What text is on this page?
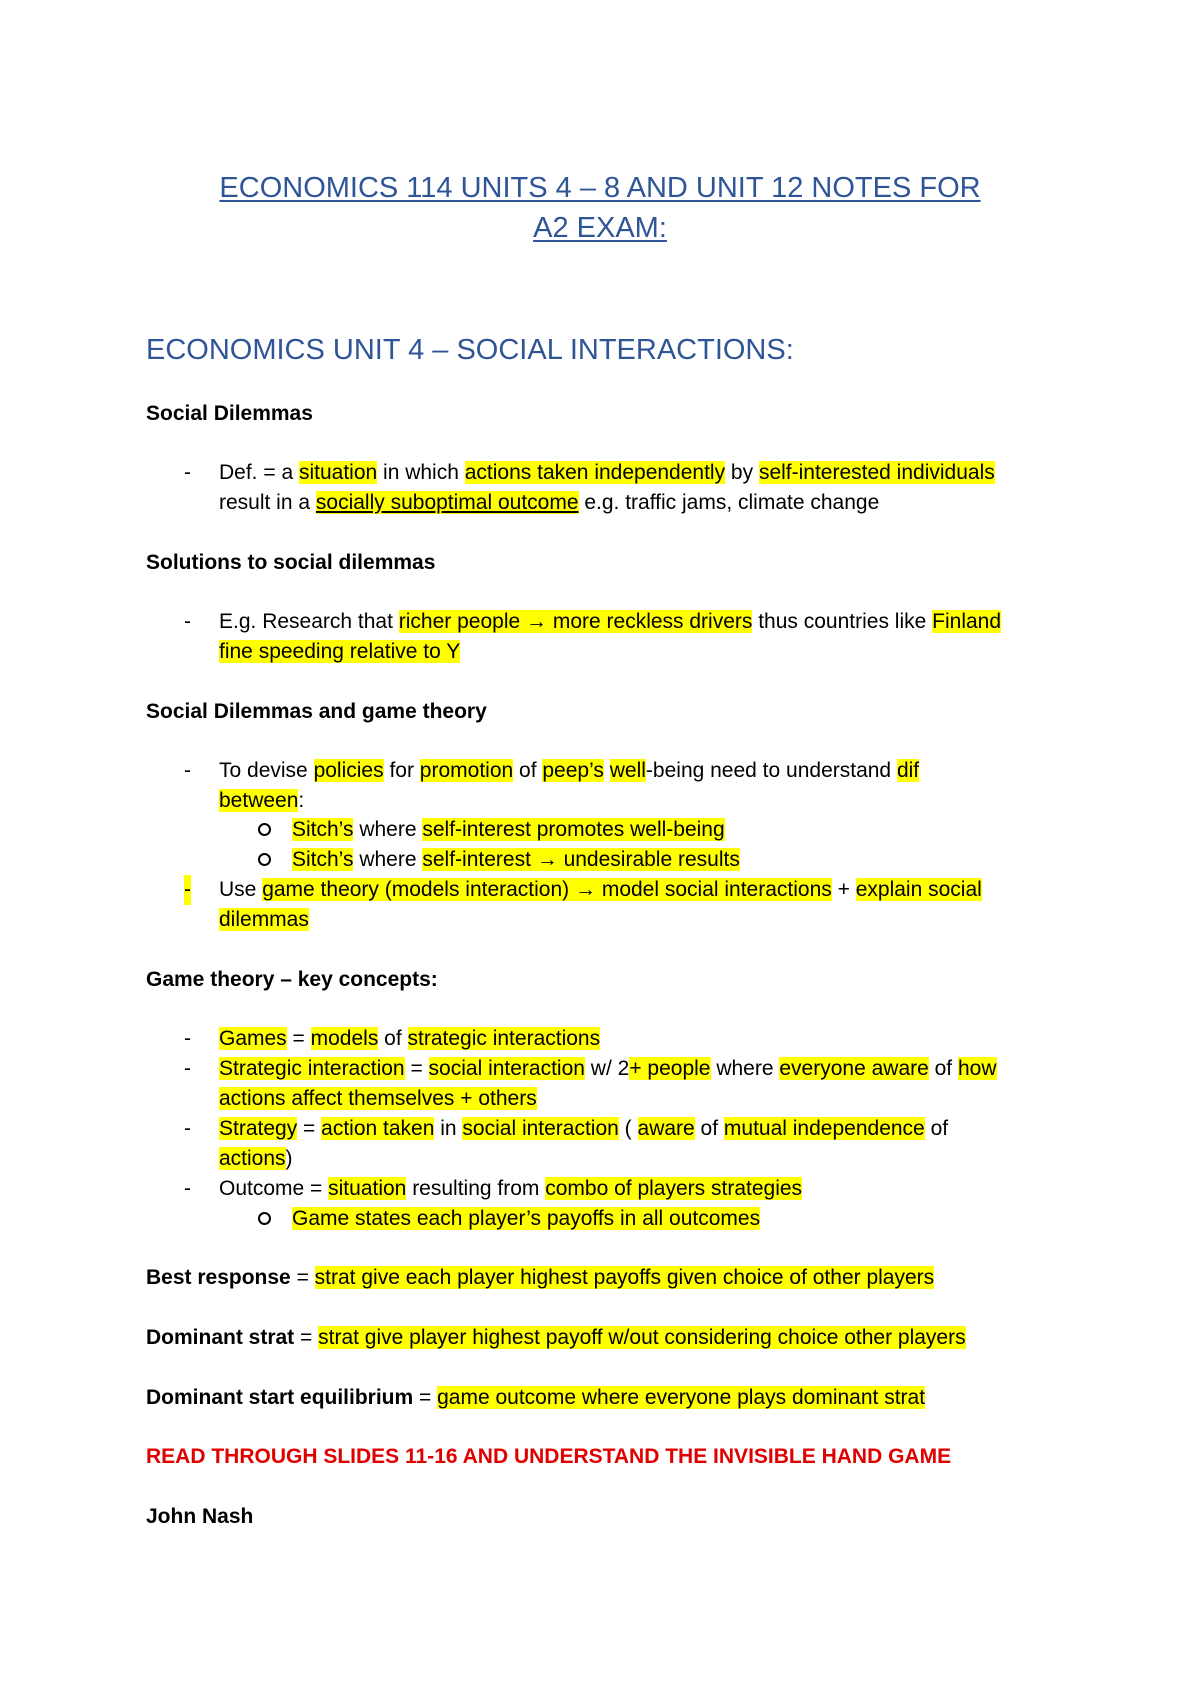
ECONOMICS 114 UNITS 4 – 8 AND UNIT 12 NOTES FOR
A2 EXAM:
ECONOMICS UNIT 4 – SOCIAL INTERACTIONS:
Social Dilemmas
- Def. = a situation in which actions taken independently by self-interested individuals
result in a socially suboptimal outcome e.g. traffic jams, climate change
Solutions to social dilemmas
- E.g. Research that richer people → more reckless drivers thus countries like Finland
fine speeding relative to Y
Social Dilemmas and game theory
- To devise policies for promotion of peep’s well-being need to understand dif
between:
Sitch’s where self-interest promotes well-being
Sitch’s where self-interest → undesirable results
- Use game theory (models interaction) → model social interactions + explain social
dilemmas
Game theory – key concepts:
- Games = models of strategic interactions
- Strategic interaction = social interaction w/ 2+ people where everyone aware of how
actions affect themselves + others
- Strategy = action taken in social interaction ( aware of mutual independence of
actions)
- Outcome = situation resulting from combo of players strategies
Game states each player’s payoffs in all outcomes
Best response = strat give each player highest payoffs given choice of other players
Dominant strat = strat give player highest payoff w/out considering choice other players
Dominant start equilibrium = game outcome where everyone plays dominant strat
READ THROUGH SLIDES 11-16 AND UNDERSTAND THE INVISIBLE HAND GAME
John Nash
